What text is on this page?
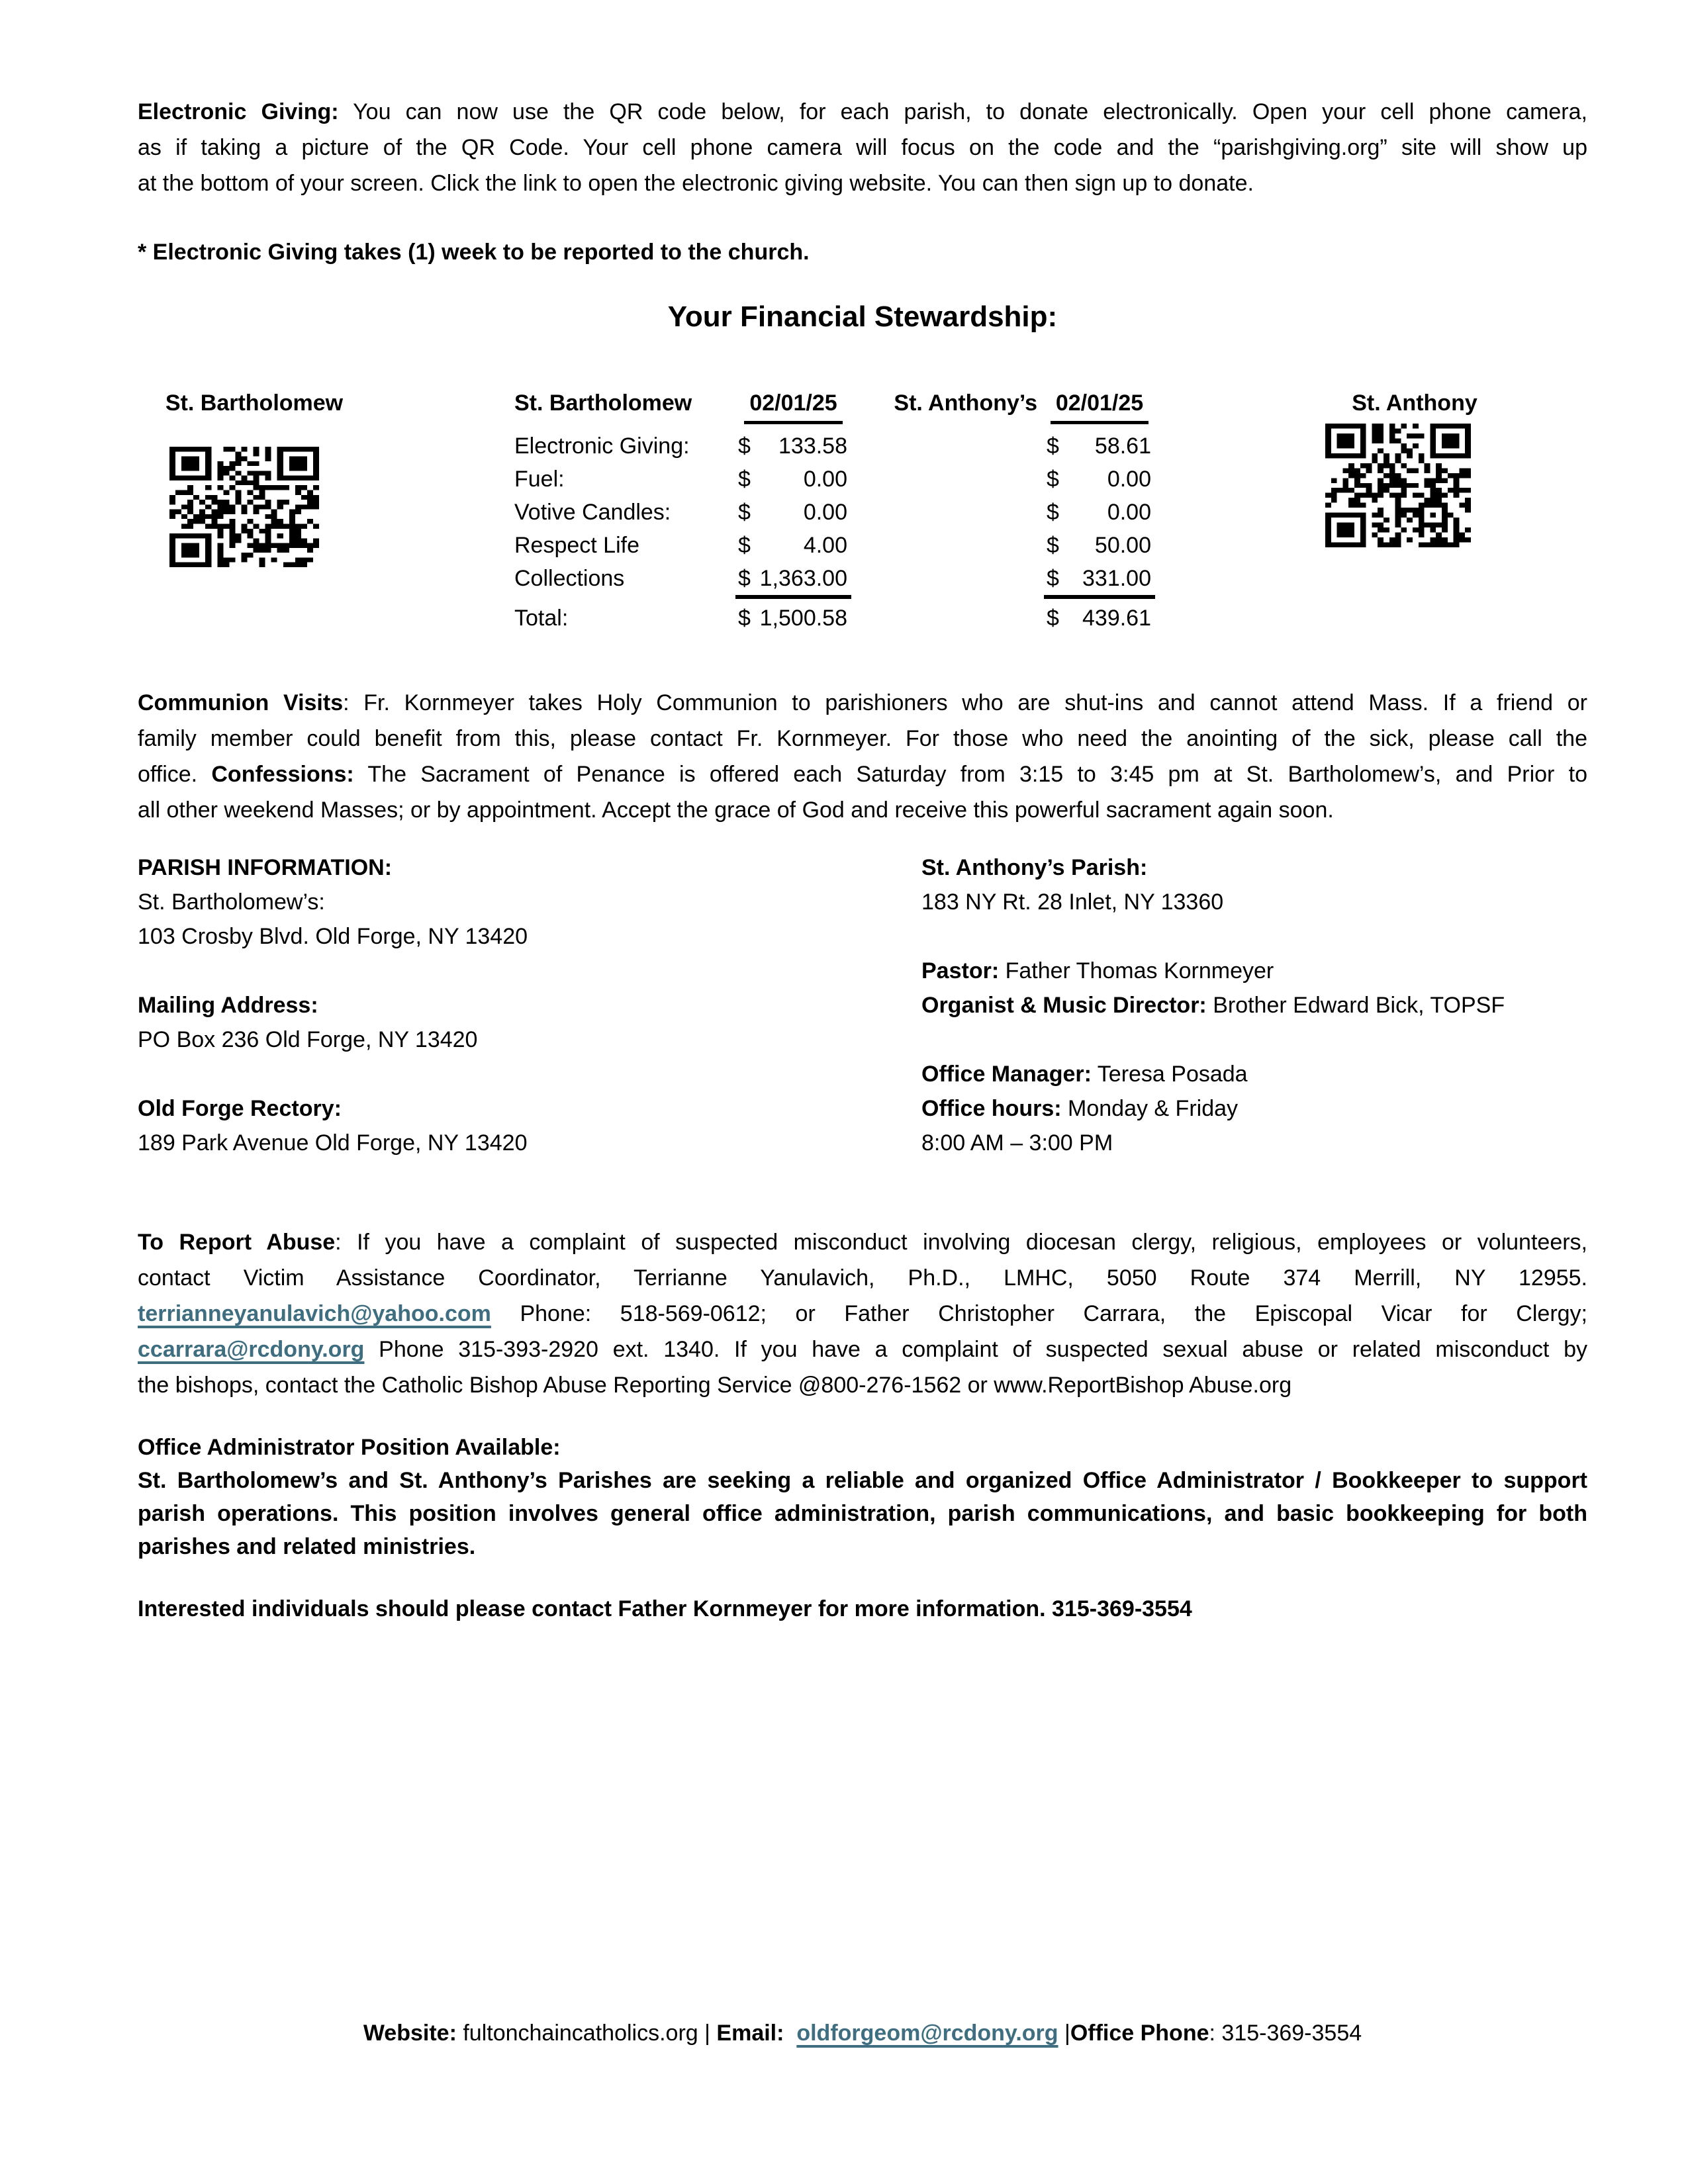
Electronic Giving: You can now use the QR code below, for each parish, to donate electronically. Open your cell phone camera,
as if taking a picture of the QR Code. Your cell phone camera will focus on the code and the “parishgiving.org” site will show up
at the bottom of your screen. Click the link to open the electronic giving website. You can then sign up to donate.
* Electronic Giving takes (1) week to be reported to the church.
Your Financial Stewardship:
St. Bartholomew	St. Bartholomew	02/01/25	St. Anthony’s 02/01/25
Electronic Giving:	$ 133.58	$ 58.61
Fuel:	$ 0.00	$ 0.00
Votive Candles:	$ 0.00	$ 0.00
Respect Life	$ 4.00	$ 50.00
Collections	$ 1,363.00	$ 331.00
Total:	$ 1,500.58	$ 439.61
St. Anthony
Communion Visits: Fr. Kornmeyer takes Holy Communion to parishioners who are shut-ins and cannot attend Mass. If a friend or
family member could benefit from this, please contact Fr. Kornmeyer. For those who need the anointing of the sick, please call the
office. Confessions: The Sacrament of Penance is offered each Saturday from 3:15 to 3:45 pm at St. Bartholomew’s, and Prior to
all other weekend Masses; or by appointment. Accept the grace of God and receive this powerful sacrament again soon.
PARISH INFORMATION:
St. Bartholomew’s:
103 Crosby Blvd. Old Forge, NY 13420
Mailing Address:
PO Box 236 Old Forge, NY 13420
Old Forge Rectory:
189 Park Avenue Old Forge, NY 13420
St. Anthony’s Parish:
183 NY Rt. 28 Inlet, NY 13360
Pastor: Father Thomas Kornmeyer
Organist & Music Director: Brother Edward Bick, TOPSF
Office Manager: Teresa Posada
Office hours: Monday & Friday
8:00 AM – 3:00 PM
To Report Abuse: If you have a complaint of suspected misconduct involving diocesan clergy, religious, employees or volunteers,
contact Victim Assistance Coordinator, Terrianne Yanulavich, Ph.D., LMHC, 5050 Route 374 Merrill, NY 12955.
terrianneyanulavich@yahoo.com Phone: 518-569-0612; or Father Christopher Carrara, the Episcopal Vicar for Clergy;
ccarrara@rcdony.org Phone 315-393-2920 ext. 1340. If you have a complaint of suspected sexual abuse or related misconduct by
the bishops, contact the Catholic Bishop Abuse Reporting Service @800-276-1562 or www.ReportBishop Abuse.org
Office Administrator Position Available:
St. Bartholomew’s and St. Anthony’s Parishes are seeking a reliable and organized Office Administrator / Bookkeeper to support
parish operations. This position involves general office administration, parish communications, and basic bookkeeping for both
parishes and related ministries.
Interested individuals should please contact Father Kornmeyer for more information. 315-369-3554
Website: fultonchaincatholics.org | Email:  oldforgeom@rcdony.org |Office Phone: 315-369-3554
